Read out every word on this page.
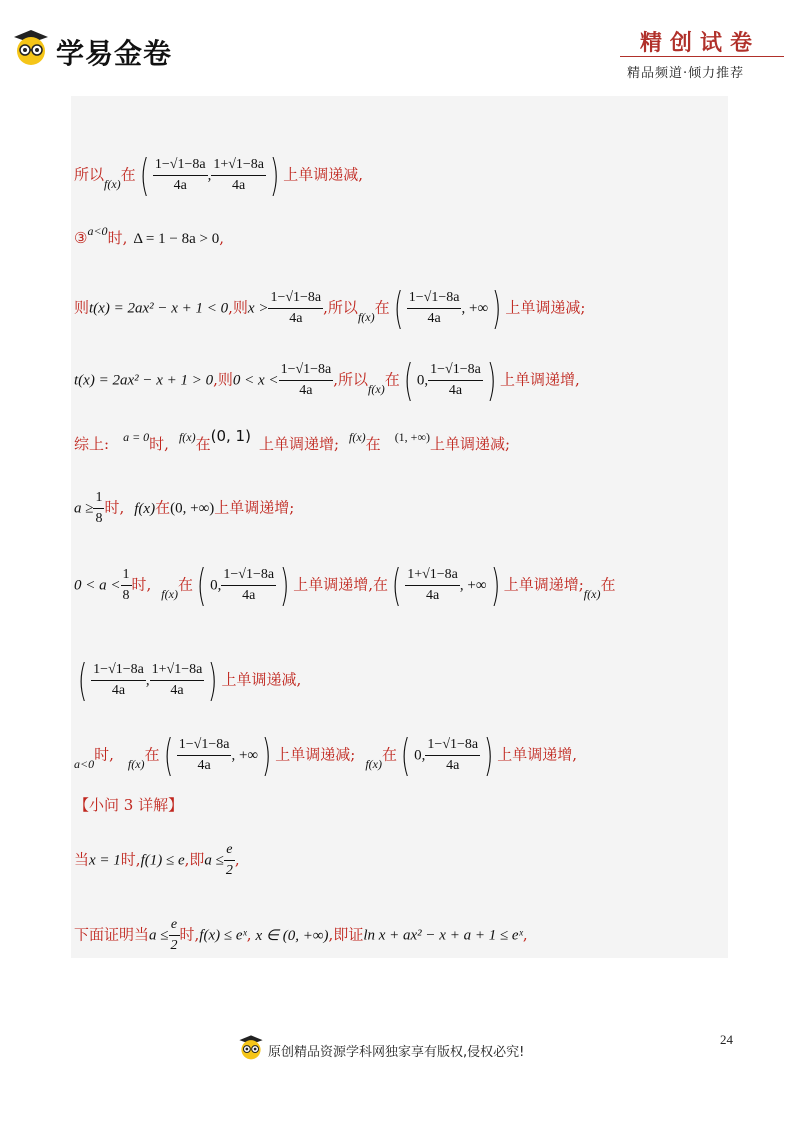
学易金卷	精创试卷
精品频道·倾力推荐
所以$_{f(x)}$在( $\frac{1-√1-8a}{4a}$ , $\frac{1+√1-8a}{4a}$ ) 上单调递减,
③$^{a<0}$时, Δ = 1 − 8a > 0,
则t(x) = 2ax² − x + 1 < 0,则$x > \frac{1-√1-8a}{4a}$ ,所以$_{f(x)}$在( $\frac{1-√1-8a}{4a}$ , +∞) 上单调递减;
t(x) = 2ax² − x + 1 > 0,则$0 < x < \frac{1-√1-8a}{4a}$ ,所以$_{f(x)}$在( 0, $\frac{1-√1-8a}{4a}$ ) 上单调递增,
综上: $^{a = 0}$时, $^{f(x)}$在(0, 1) 上单调递增; $^{f(x)}$在 $^{(1, +\infty)}$上单调递减;
$a \ge \frac{1}{8}$ 时, f(x)在(0, +∞)上单调递增;
$0 < a < \frac{1}{8}$ 时, $_{f(x)}$在( 0, $\frac{1-√1-8a}{4a}$ ) 上单调递增,在( $\frac{1+√1-8a}{4a}$ , +∞) 上单调递增$;_{f(x)}$在
( $\frac{1-√1-8a}{4a}$ , $\frac{1+√1-8a}{4a}$ ) 上单调递减,
$_{a<0}$时, $_{f(x)}$在( $\frac{1-√1-8a}{4a}$ , +∞) 上单调递减; $_{f(x)}$在( 0, $\frac{1-√1-8a}{4a}$ ) 上单调递增,
【小问 3 详解】
当x = 1时,f(1) ≤ e,即$a \le \frac{e}{2}$ ,
下面证明当$a \le \frac{e}{2}$ 时,f(x) ≤ eˣ, x ∈ (0, +∞),即证ln x + ax² − x + a + 1 ≤ eˣ,
24
原创精品资源学科网独家享有版权,侵权必究!
